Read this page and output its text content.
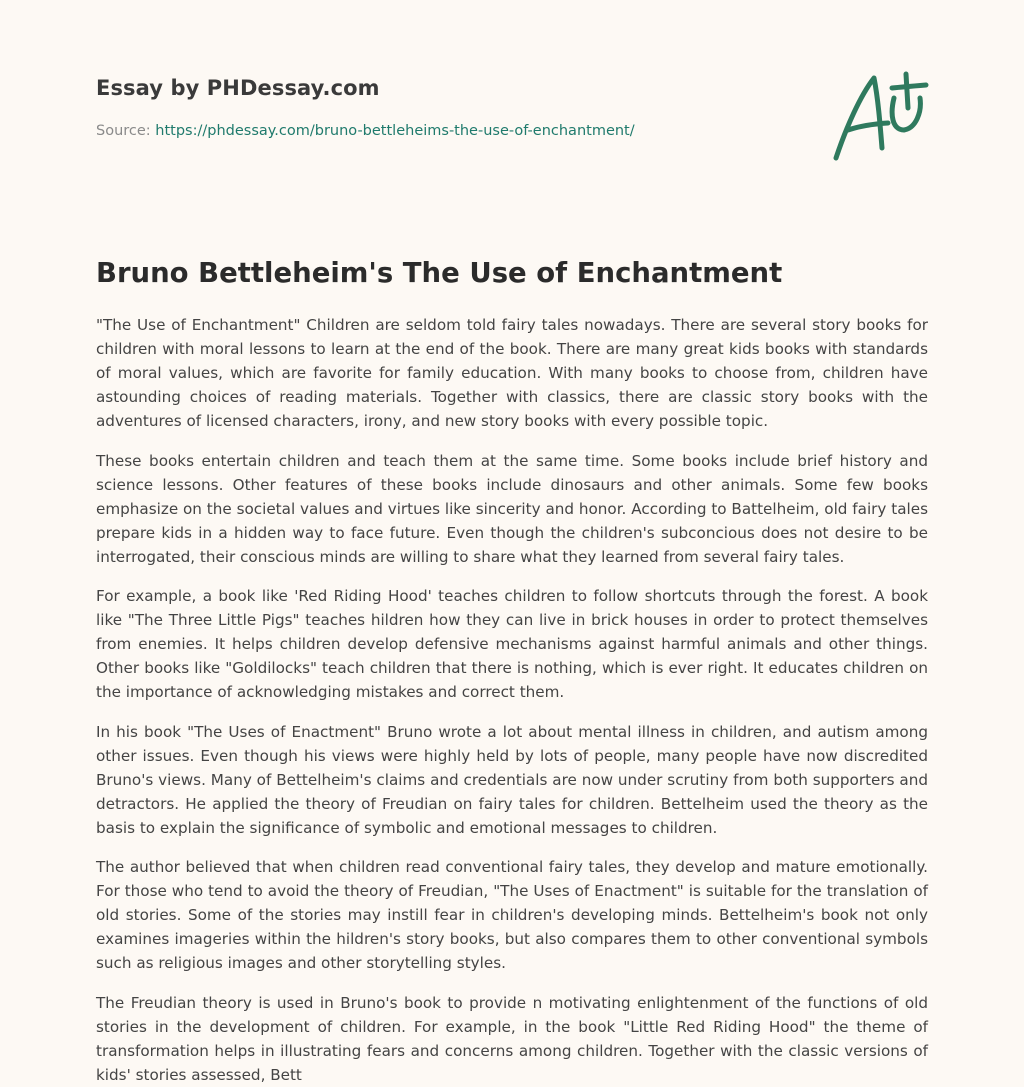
Essay by PHDessay.com
Source: https://phdessay.com/bruno-bettleheims-the-use-of-enchantment/
Bruno Bettleheim's The Use of Enchantment

"The Use of Enchantment" Children are seldom told fairy tales nowadays. There are several story books for children with moral lessons to learn at the end of the book. There are many great kids books with standards of moral values, which are favorite for family education. With many books to choose from, children have astounding choices of reading materials. Together with classics, there are classic story books with the adventures of licensed characters, irony, and new story books with every possible topic.

These books entertain children and teach them at the same time. Some books include brief history and science lessons. Other features of these books include dinosaurs and other animals. Some few books emphasize on the societal values and virtues like sincerity and honor. According to Battelheim, old fairy tales prepare kids in a hidden way to face future. Even though the children's subconcious does not desire to be interrogated, their conscious minds are willing to share what they learned from several fairy tales.

For example, a book like 'Red Riding Hood' teaches children to follow shortcuts through the forest. A book like "The Three Little Pigs" teaches hildren how they can live in brick houses in order to protect themselves from enemies. It helps children develop defensive mechanisms against harmful animals and other things. Other books like "Goldilocks" teach children that there is nothing, which is ever right. It educates children on the importance of acknowledging mistakes and correct them.

In his book "The Uses of Enactment" Bruno wrote a lot about mental illness in children, and autism among other issues. Even though his views were highly held by lots of people, many people have now discredited Bruno's views. Many of Bettelheim's claims and credentials are now under scrutiny from both supporters and detractors. He applied the theory of Freudian on fairy tales for children. Bettelheim used the theory as the basis to explain the significance of symbolic and emotional messages to children.

The author believed that when children read conventional fairy tales, they develop and mature emotionally. For those who tend to avoid the theory of Freudian, "The Uses of Enactment" is suitable for the translation of old stories. Some of the stories may instill fear in children's developing minds. Bettelheim's book not only examines imageries within the hildren's story books, but also compares them to other conventional symbols such as religious images and other storytelling styles.

The Freudian theory is used in Bruno's book to provide n motivating enlightenment of the functions of old stories in the development of children. For example, in the book "Little Red Riding Hood" the theme of transformation helps in illustrating fears and concerns among children. Together with the classic versions of kids' stories assessed, Bett
